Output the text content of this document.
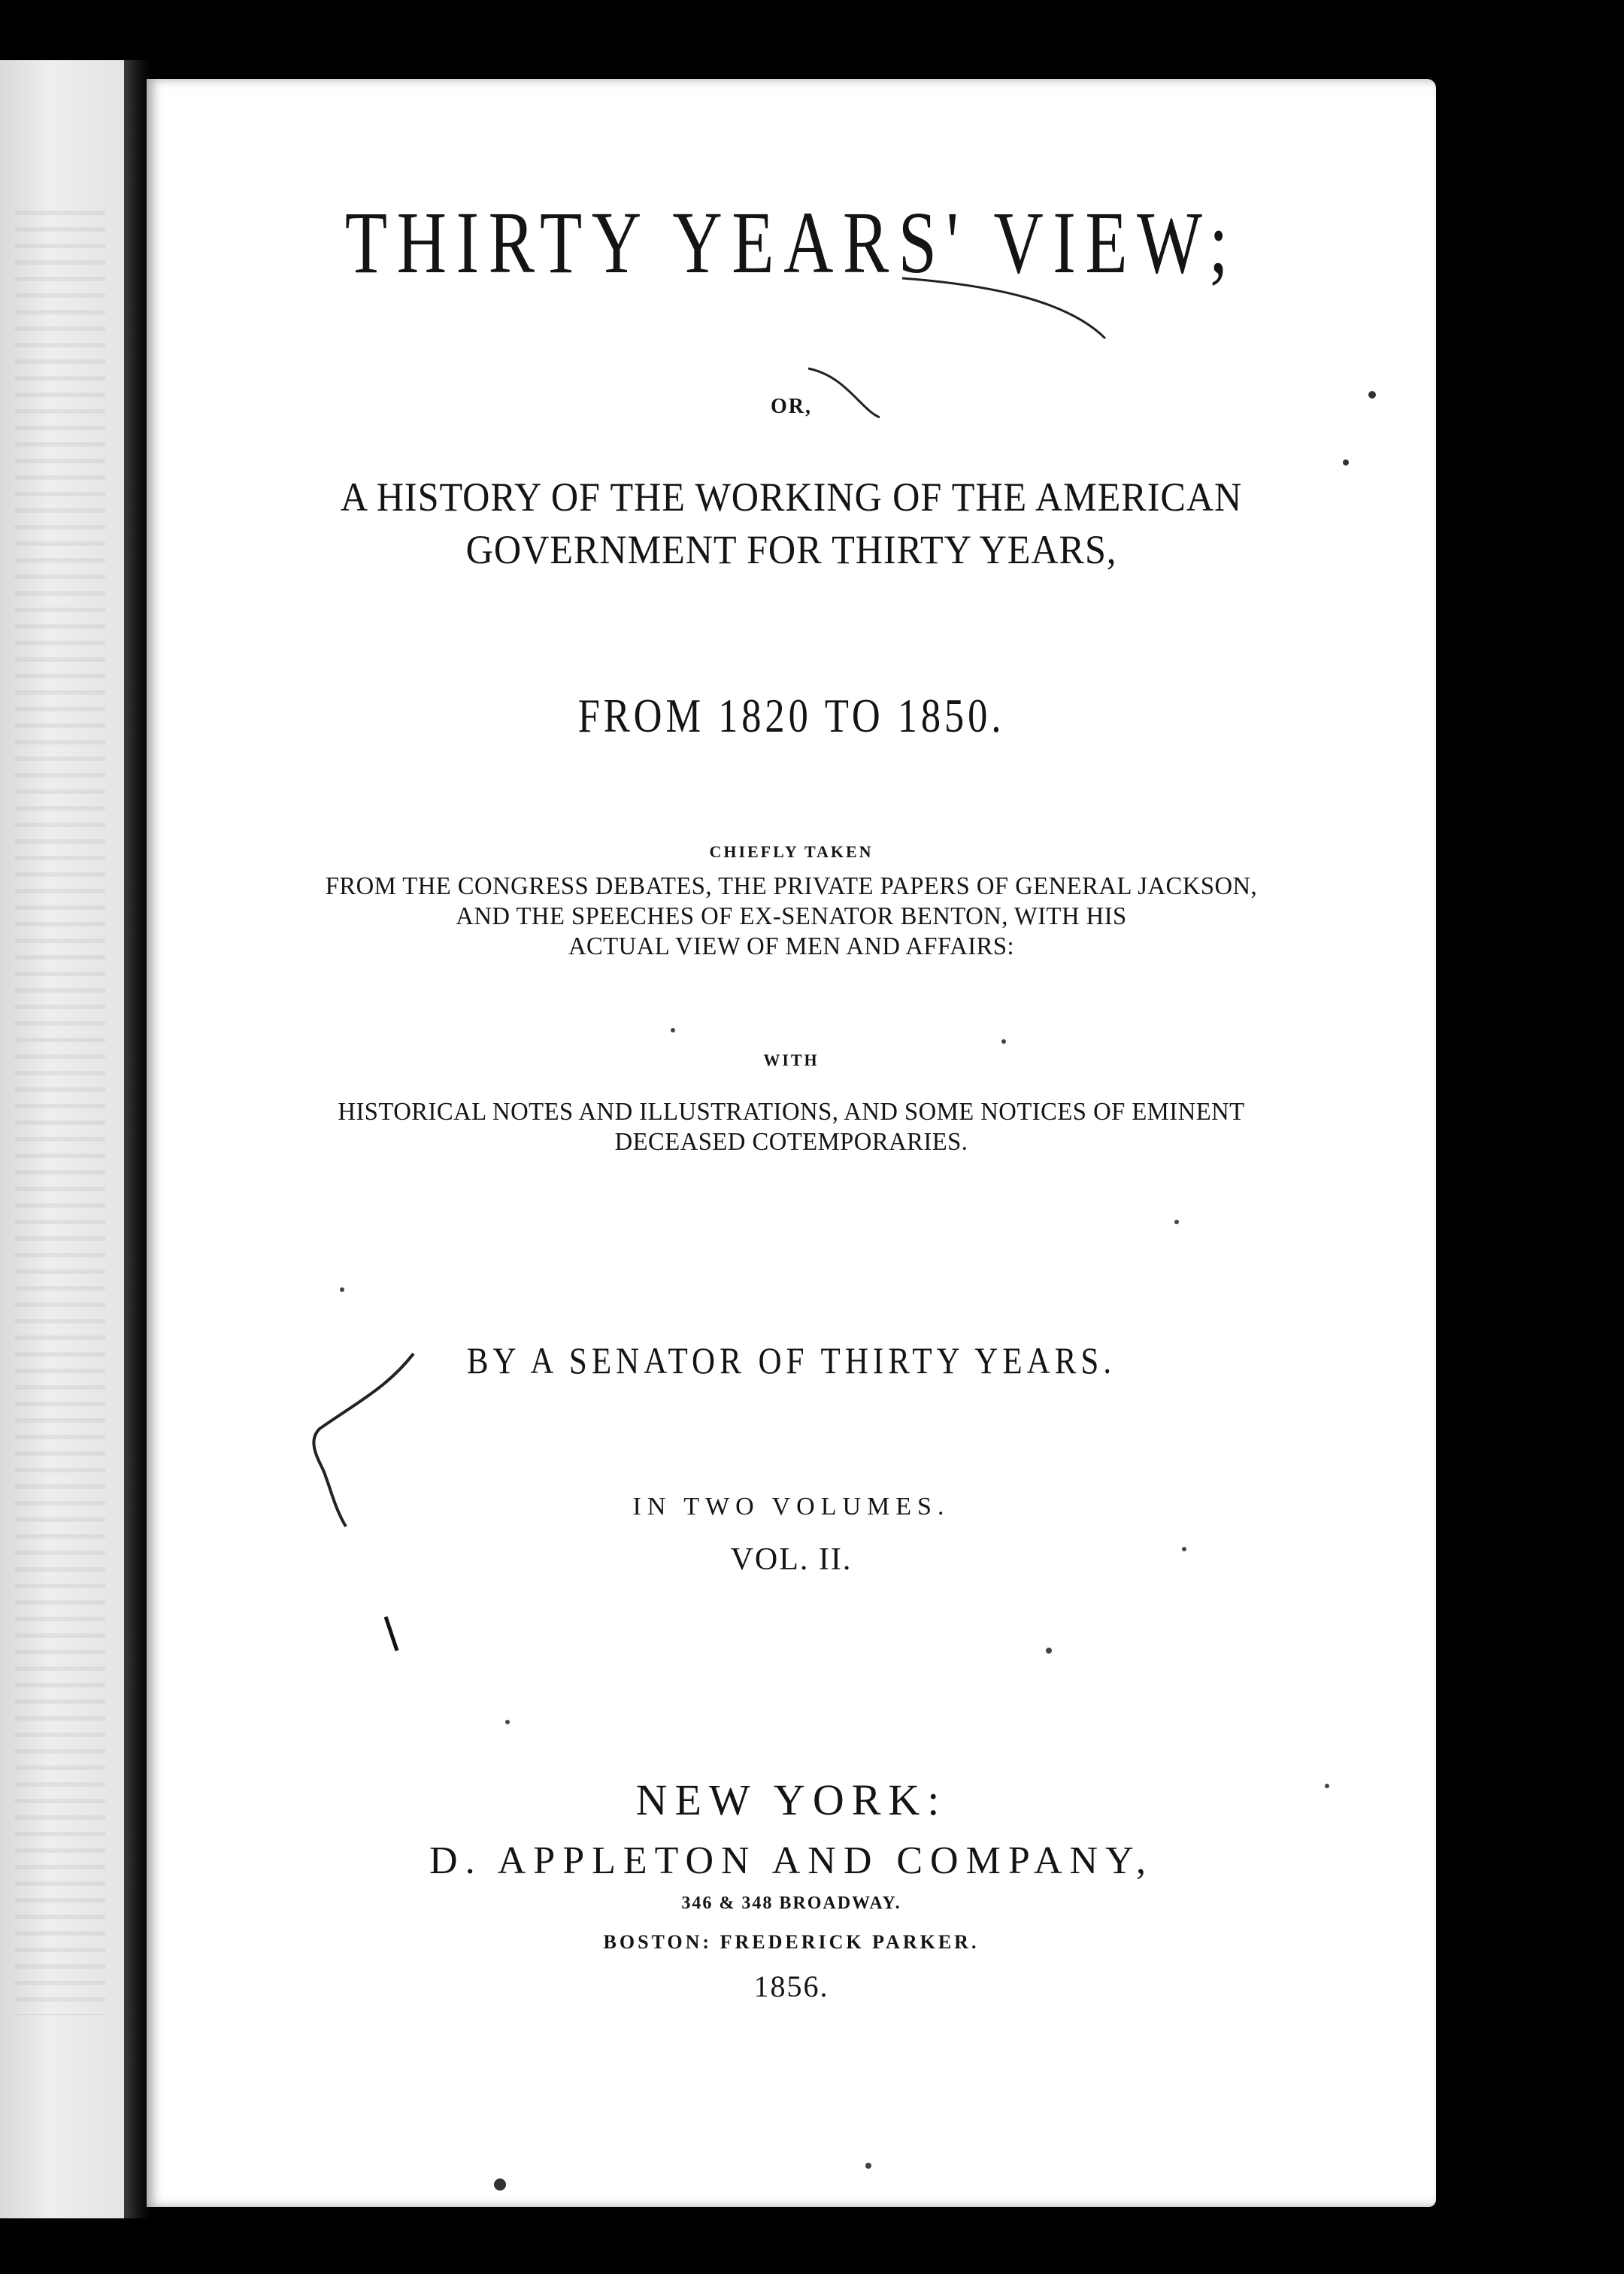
THIRTY YEARS' VIEW;
OR,
A HISTORY OF THE WORKING OF THE AMERICAN
GOVERNMENT FOR THIRTY YEARS,
FROM 1820 TO 1850.
CHIEFLY TAKEN
FROM THE CONGRESS DEBATES, THE PRIVATE PAPERS OF GENERAL JACKSON,
AND THE SPEECHES OF EX-SENATOR BENTON, WITH HIS
ACTUAL VIEW OF MEN AND AFFAIRS:
WITH
HISTORICAL NOTES AND ILLUSTRATIONS, AND SOME NOTICES OF EMINENT
DECEASED COTEMPORARIES.
BY A SENATOR OF THIRTY YEARS.
IN TWO VOLUMES.
VOL. II.
NEW YORK:
D. APPLETON AND COMPANY,
346 & 348 BROADWAY.
BOSTON: FREDERICK PARKER.
1856.
